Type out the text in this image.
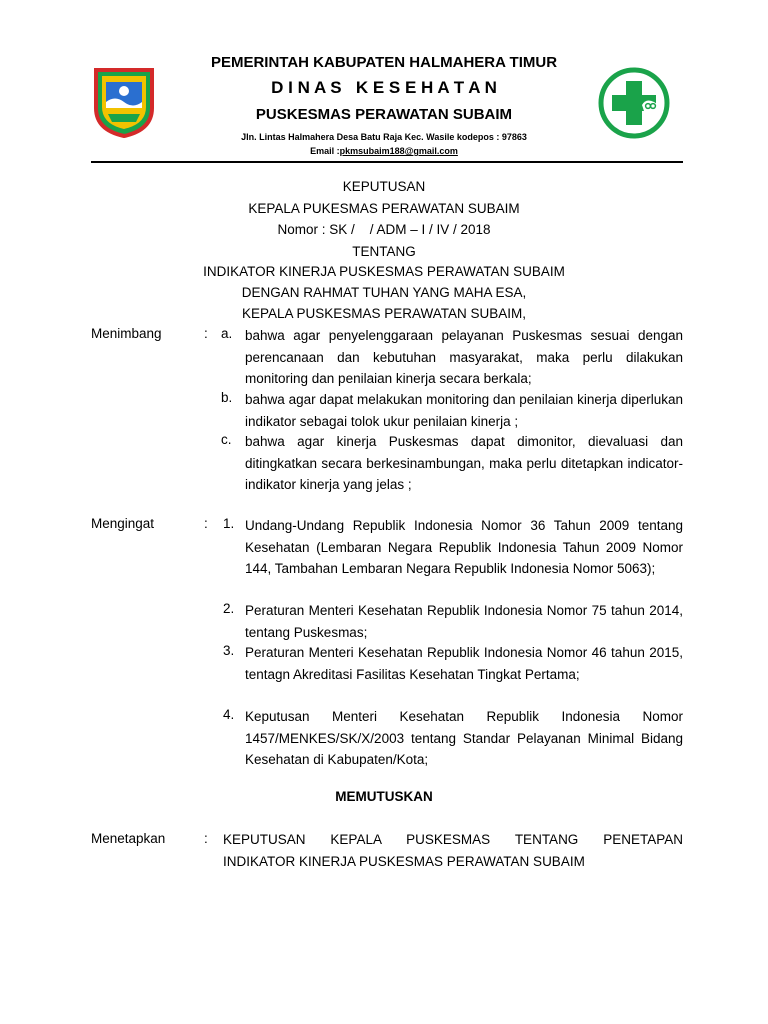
PEMERINTAH KABUPATEN HALMAHERA TIMUR
D I N A S   K E S E H A T A N
PUSKESMAS PERAWATAN SUBAIM
Jln. Lintas Halmahera Desa Batu Raja Kec. Wasile kodepos : 97863
Email :pkmsubaim188@gmail.com
KEPUTUSAN
KEPALA PUKESMAS PERAWATAN SUBAIM
Nomor : SK /    / ADM – I / IV / 2018
TENTANG
INDIKATOR KINERJA PUSKESMAS PERAWATAN SUBAIM
DENGAN RAHMAT TUHAN YANG MAHA ESA,
KEPALA PUSKESMAS PERAWATAN SUBAIM,
Menimbang	: a. bahwa agar penyelenggaraan pelayanan Puskesmas sesuai dengan perencanaan dan kebutuhan masyarakat, maka perlu dilakukan monitoring dan penilaian kinerja secara berkala;
b. bahwa agar dapat melakukan monitoring dan penilaian kinerja diperlukan indikator sebagai tolok ukur penilaian kinerja ;
c. bahwa agar kinerja Puskesmas dapat dimonitor, dievaluasi dan ditingkatkan secara berkesinambungan, maka perlu ditetapkan indicator-indikator kinerja yang jelas ;
Mengingat	: 1. Undang-Undang Republik Indonesia Nomor 36 Tahun 2009 tentang Kesehatan (Lembaran Negara Republik Indonesia Tahun 2009 Nomor 144, Tambahan Lembaran Negara Republik Indonesia Nomor 5063);
2. Peraturan Menteri Kesehatan Republik Indonesia Nomor 75 tahun 2014, tentang Puskesmas;
3. Peraturan Menteri Kesehatan Republik Indonesia Nomor 46 tahun 2015, tentagn Akreditasi Fasilitas Kesehatan Tingkat Pertama;
4. Keputusan Menteri Kesehatan Republik Indonesia Nomor 1457/MENKES/SK/X/2003 tentang Standar Pelayanan Minimal Bidang Kesehatan di Kabupaten/Kota;
MEMUTUSKAN
Menetapkan	: KEPUTUSAN KEPALA PUSKESMAS TENTANG PENETAPAN
INDIKATOR KINERJA PUSKESMAS PERAWATAN SUBAIM
